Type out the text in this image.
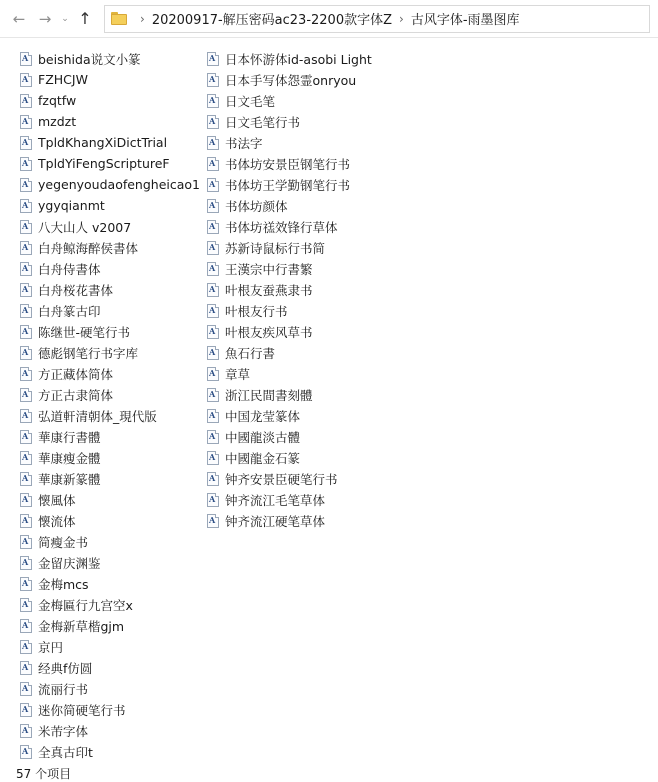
← → ⌄ ↑	› 20200917-解压密码ac23-2200款字体Z › 古风字体-雨墨图库
A beishida说文小篆
A FZHCJW
A fzqtfw
A mzdzt
A TpldKhangXiDictTrial
A TpldYiFengScriptureF
A yegenyoudaofengheicao1
A ygyqianmt
A 八大山人 v2007
A 白舟鲸海醉侯書体
A 白舟侍書体
A 白舟桜花書体
A 白舟篆古印
A 陈继世-硬笔行书
A 德彪钢笔行书字库
A 方正藏体简体
A 方正古隶简体
A 弘道軒清朝体_現代版
A 華康行書體
A 華康瘦金體
A 華康新篆體
A 懐風体
A 懐流体
A 简瘦金书
A 金留庆渊鉴
A 金梅mcs
A 金梅匾行九宫空x
A 金梅新草楷gjm
A 京円
A 经典f仿圆
A 流丽行书
A 迷你简硬笔行书
A 米芾字体
A 全真古印t
A 日本怀游体id-asobi Light
A 日本手写体怨霊onryou
A 日文毛笔
A 日文毛笔行书
A 书法字
A 书体坊安景臣钢笔行书
A 书体坊王学勤钢笔行书
A 书体坊颜体
A 书体坊禚效锋行草体
A 苏新诗鼠标行书简
A 王漢宗中行書繁
A 叶根友蚕燕隶书
A 叶根友行书
A 叶根友疾风草书
A 魚石行書
A 章草
A 浙江民間書刻體
A 中国龙莹篆体
A 中國龍淡古體
A 中國龍金石篆
A 钟齐安景臣硬笔行书
A 钟齐流江毛笔草体
A 钟齐流江硬笔草体
57 个项目
